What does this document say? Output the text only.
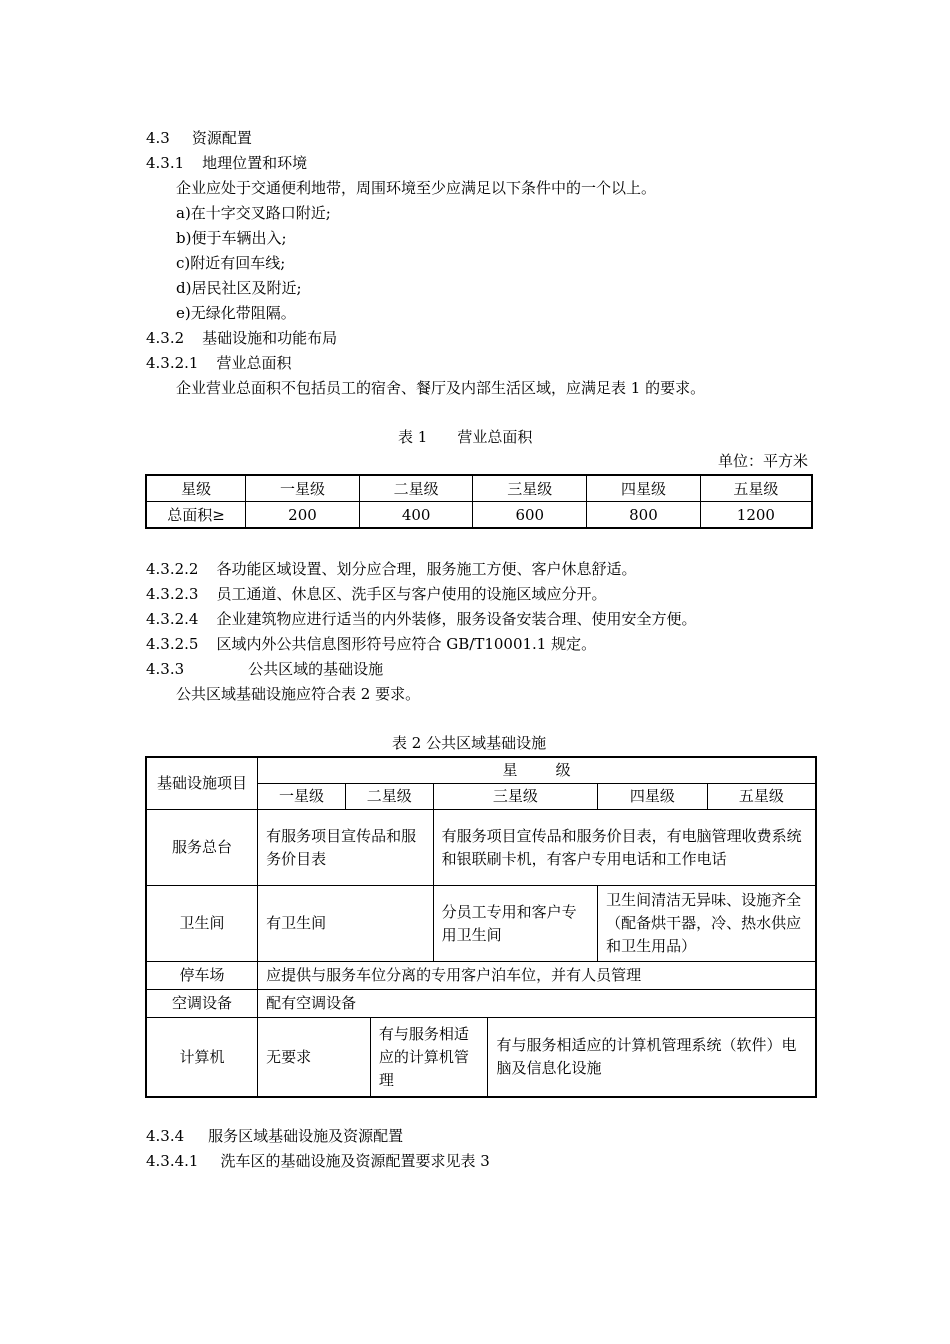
4.3 资源配置
4.3.1 地理位置和环境
企业应处于交通便利地带，周围环境至少应满足以下条件中的一个以上。
a)在十字交叉路口附近;
b)便于车辆出入;
c)附近有回车线;
d)居民社区及附近;
e)无绿化带阻隔。
4.3.2 基础设施和功能布局
4.3.2.1 营业总面积
企业营业总面积不包括员工的宿舍、餐厅及内部生活区域，应满足表 1 的要求。
表 1 营业总面积
单位：平方米
星级	一星级	二星级	三星级	四星级	五星级
总面积≥	200	400	600	800	1200
4.3.2.2 各功能区域设置、划分应合理，服务施工方便、客户休息舒适。
4.3.2.3 员工通道、休息区、洗手区与客户使用的设施区域应分开。
4.3.2.4 企业建筑物应进行适当的内外装修，服务设备安装合理、使用安全方便。
4.3.2.5 区域内外公共信息图形符号应符合 GB/T10001.1 规定。
4.3.3	公共区域的基础设施
公共区域基础设施应符合表 2 要求。
表 2 公共区域基础设施
基础设施项目	星        级						
	一星级	二星级		三星级		四星级	五星级
服务总台	有服务项目宣传品和服务价目表			有服务项目宣传品和服务价目表，有电脑管理收费系统和银联刷卡机，有客户专用电话和工作电话			
卫生间	有卫生间			分员工专用和客户专用卫生间		卫生间清洁无异味、设施齐全（配备烘干器，冷、热水供应和卫生用品）	
停车场	应提供与服务车位分离的专用客户泊车位，并有人员管理						
空调设备	配有空调设备						
计算机	无要求		有与服务相适应的计算机管理		有与服务相适应的计算机管理系统（软件）电脑及信息化设施		
4.3.4 服务区域基础设施及资源配置
4.3.4.1 洗车区的基础设施及资源配置要求见表 3
